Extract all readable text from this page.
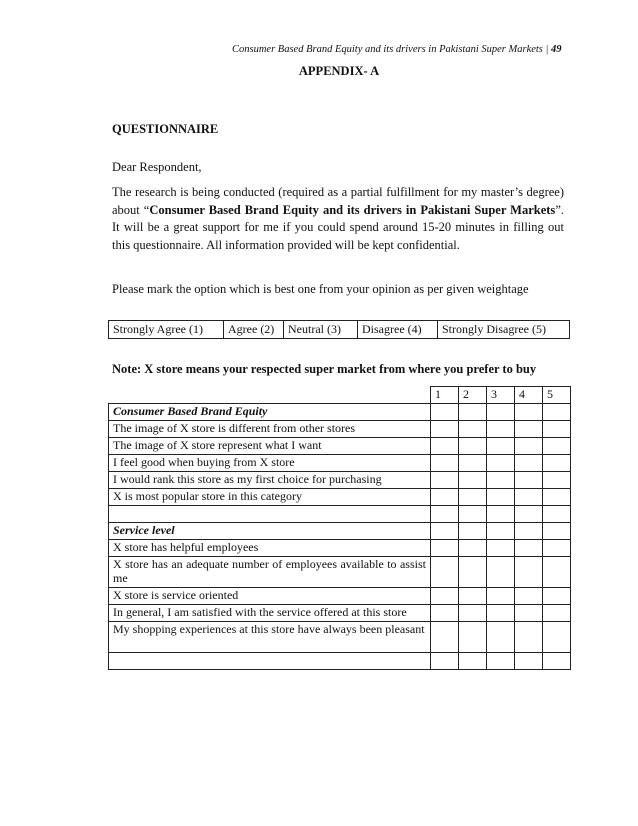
Consumer Based Brand Equity and its drivers in Pakistani Super Markets | 49
APPENDIX- A
QUESTIONNAIRE
Dear Respondent,
The research is being conducted (required as a partial fulfillment for my master’s degree) about “Consumer Based Brand Equity and its drivers in Pakistani Super Markets”. It will be a great support for me if you could spend around 15-20 minutes in filling out this questionnaire. All information provided will be kept confidential.
Please mark the option which is best one from your opinion as per given weightage
Strongly Agree (1)	Agree (2)	Neutral (3)	Disagree (4)	Strongly Disagree (5)
Note: X store means your respected super market from where you prefer to buy
	1	2	3	4	5
Consumer Based Brand Equity					
The image of X store is different from other stores					
The image of X store represent what I want					
I feel good when buying from X store					
I would rank this store as my first choice for purchasing					
X is most popular store in this category					

Service level					
X store has helpful employees					
X store has an adequate number of employees available to assist me					
X store is service oriented					
In general, I am satisfied with the service offered at this store					
My shopping experiences at this store have always been pleasant					
